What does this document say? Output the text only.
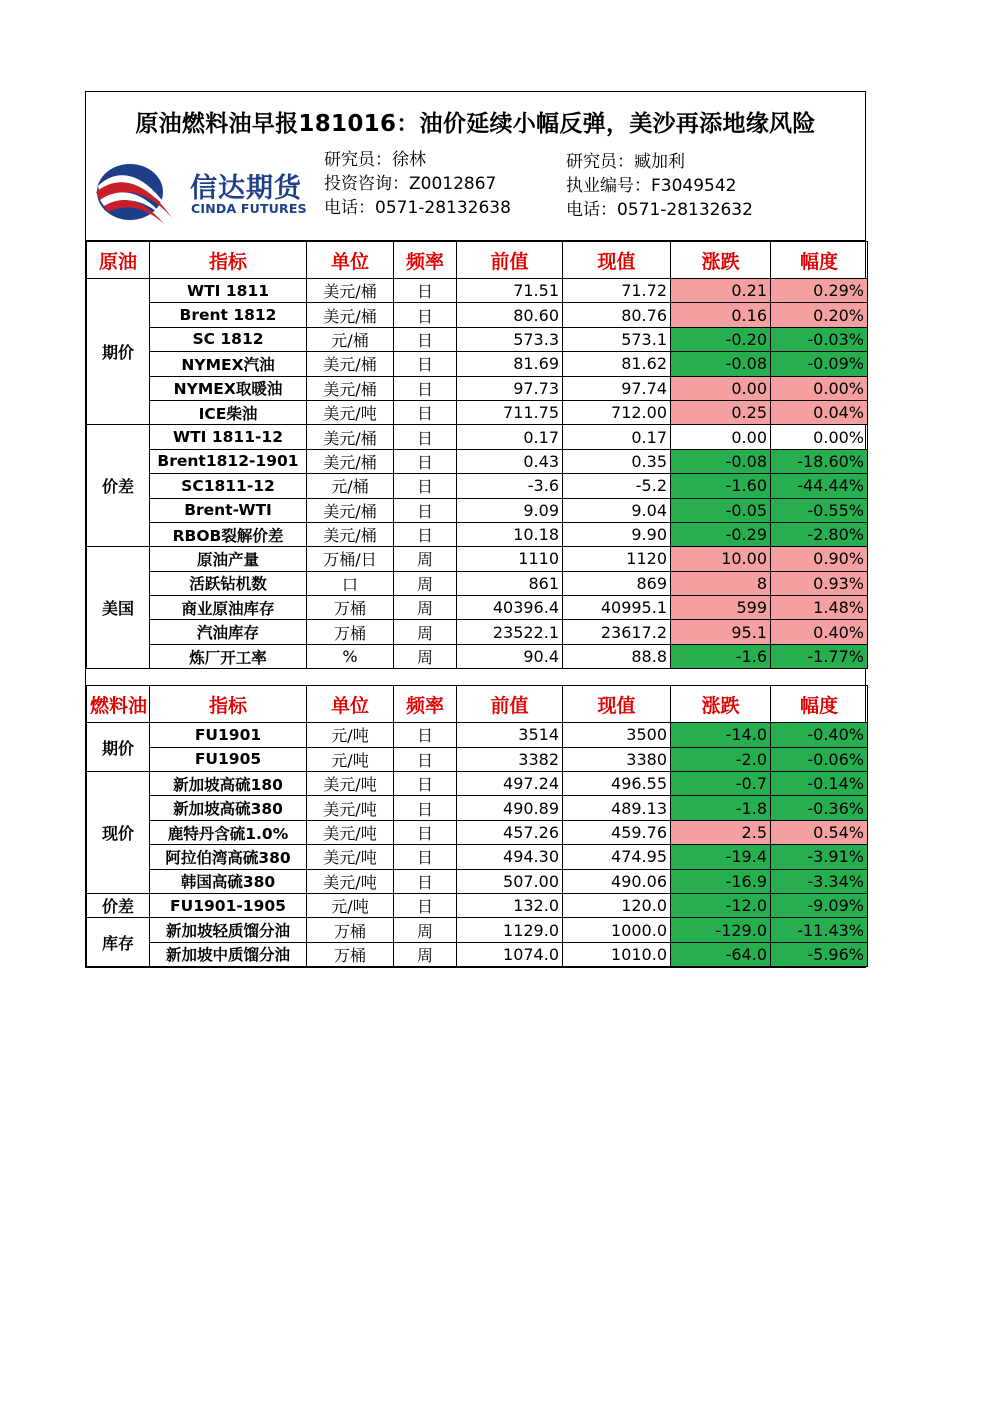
原油燃料油早报181016：油价延续小幅反弹，美沙再添地缘风险
信达期货
CINDA FUTURES
研究员：徐林
投资咨询：Z0012867
电话：0571-28132638
研究员：臧加利
执业编号：F3049542
电话：0571-28132632
原油	指标	单位	频率	前值	现值	涨跌	幅度
期价	WTI 1811	美元/桶	日	71.51	71.72	0.21	0.29%
	Brent 1812	美元/桶	日	80.60	80.76	0.16	0.20%
	SC 1812	元/桶	日	573.3	573.1	-0.20	-0.03%
	NYMEX汽油	美元/桶	日	81.69	81.62	-0.08	-0.09%
	NYMEX取暖油	美元/桶	日	97.73	97.74	0.00	0.00%
	ICE柴油	美元/吨	日	711.75	712.00	0.25	0.04%
价差	WTI 1811-12	美元/桶	日	0.17	0.17	0.00	0.00%
	Brent1812-1901	美元/桶	日	0.43	0.35	-0.08	-18.60%
	SC1811-12	元/桶	日	-3.6	-5.2	-1.60	-44.44%
	Brent-WTI	美元/桶	日	9.09	9.04	-0.05	-0.55%
	RBOB裂解价差	美元/桶	日	10.18	9.90	-0.29	-2.80%
美国	原油产量	万桶/日	周	1110	1120	10.00	0.90%
	活跃钻机数	口	周	861	869	8	0.93%
	商业原油库存	万桶	周	40396.4	40995.1	599	1.48%
	汽油库存	万桶	周	23522.1	23617.2	95.1	0.40%
	炼厂开工率	%	周	90.4	88.8	-1.6	-1.77%

燃料油	指标	单位	频率	前值	现值	涨跌	幅度
期价	FU1901	元/吨	日	3514	3500	-14.0	-0.40%
	FU1905	元/吨	日	3382	3380	-2.0	-0.06%
现价	新加坡高硫180	美元/吨	日	497.24	496.55	-0.7	-0.14%
	新加坡高硫380	美元/吨	日	490.89	489.13	-1.8	-0.36%
	鹿特丹含硫1.0%	美元/吨	日	457.26	459.76	2.5	0.54%
	阿拉伯湾高硫380	美元/吨	日	494.30	474.95	-19.4	-3.91%
	韩国高硫380	美元/吨	日	507.00	490.06	-16.9	-3.34%
价差	FU1901-1905	元/吨	日	132.0	120.0	-12.0	-9.09%
库存	新加坡轻质馏分油	万桶	周	1129.0	1000.0	-129.0	-11.43%
	新加坡中质馏分油	万桶	周	1074.0	1010.0	-64.0	-5.96%
